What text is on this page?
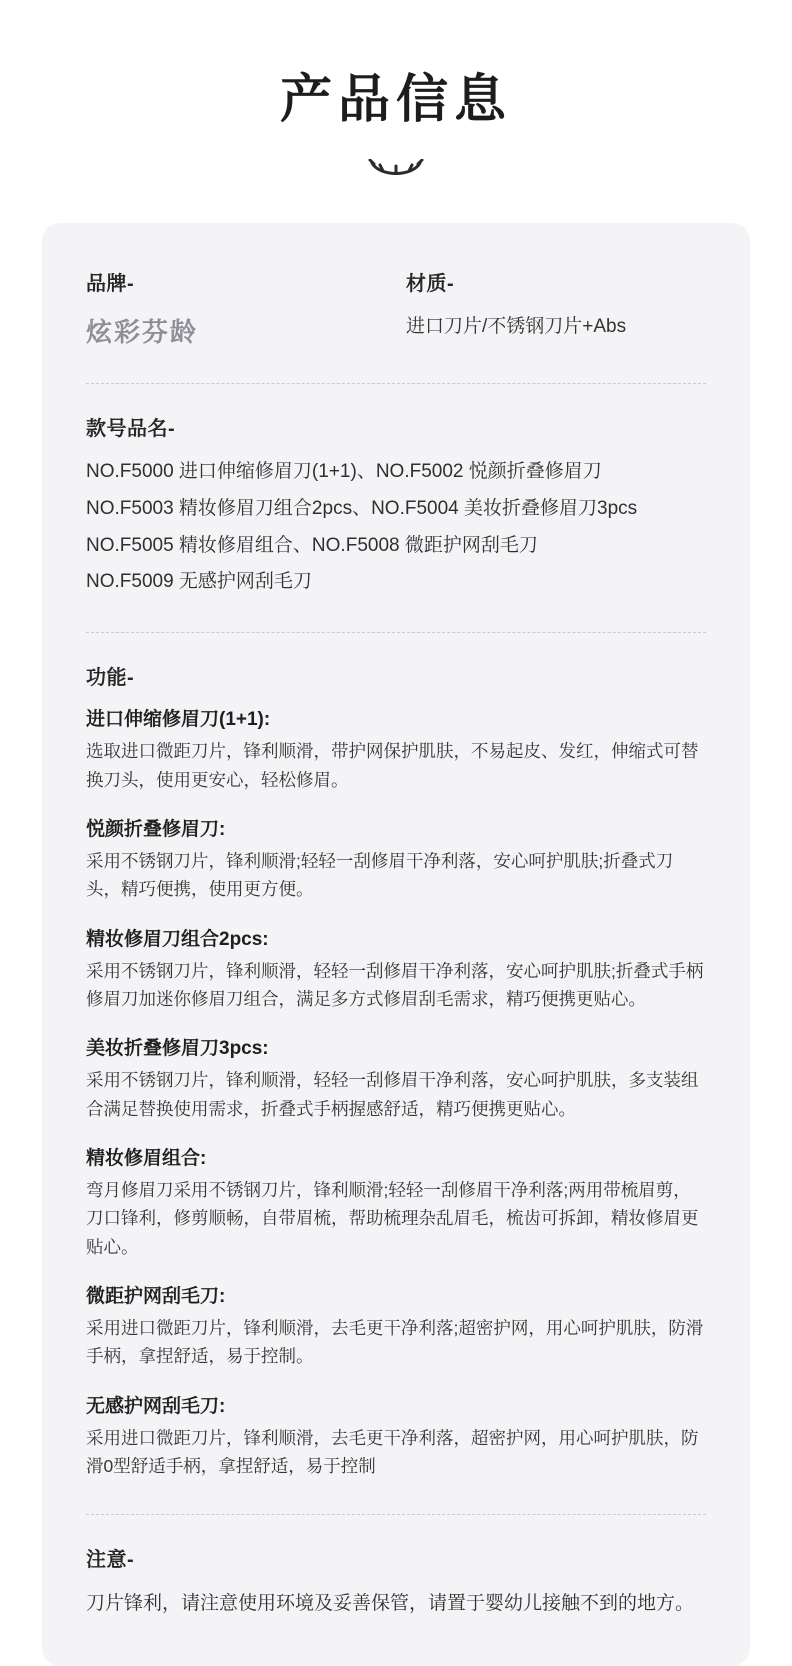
产品信息

品牌-

炫彩芬龄

材质-

进口刀片/不锈钢刀片+Abs

款号品名-

NO.F5000 进口伸缩修眉刀(1+1)、NO.F5002 悦颜折叠修眉刀

NO.F5003 精妆修眉刀组合2pcs、NO.F5004 美妆折叠修眉刀3pcs

NO.F5005 精妆修眉组合、NO.F5008 微距护网刮毛刀

NO.F5009 无感护网刮毛刀

功能-

进口伸缩修眉刀(1+1):

选取进口微距刀片，锋利顺滑，带护网保护肌肤，不易起皮、发红，伸缩式可替换刀头，使用更安心，轻松修眉。

悦颜折叠修眉刀:

采用不锈钢刀片，锋利顺滑;轻轻一刮修眉干净利落，安心呵护肌肤;折叠式刀头，精巧便携，使用更方便。

精妆修眉刀组合2pcs:

采用不锈钢刀片，锋利顺滑，轻轻一刮修眉干净利落，安心呵护肌肤;折叠式手柄修眉刀加迷你修眉刀组合，满足多方式修眉刮毛需求，精巧便携更贴心。

美妆折叠修眉刀3pcs:

采用不锈钢刀片，锋利顺滑，轻轻一刮修眉干净利落，安心呵护肌肤，多支装组合满足替换使用需求，折叠式手柄握感舒适，精巧便携更贴心。

精妆修眉组合:

弯月修眉刀采用不锈钢刀片，锋利顺滑;轻轻一刮修眉干净利落;两用带梳眉剪，刀口锋利，修剪顺畅，自带眉梳，帮助梳理杂乱眉毛，梳齿可拆卸，精妆修眉更贴心。

微距护网刮毛刀:

采用进口微距刀片，锋利顺滑，去毛更干净利落;超密护网，用心呵护肌肤，防滑手柄，拿捏舒适，易于控制。

无感护网刮毛刀:

采用进口微距刀片，锋利顺滑，去毛更干净利落，超密护网，用心呵护肌肤，防滑0型舒适手柄，拿捏舒适，易于控制

注意-

刀片锋利，请注意使用环境及妥善保管，请置于婴幼儿接触不到的地方。
